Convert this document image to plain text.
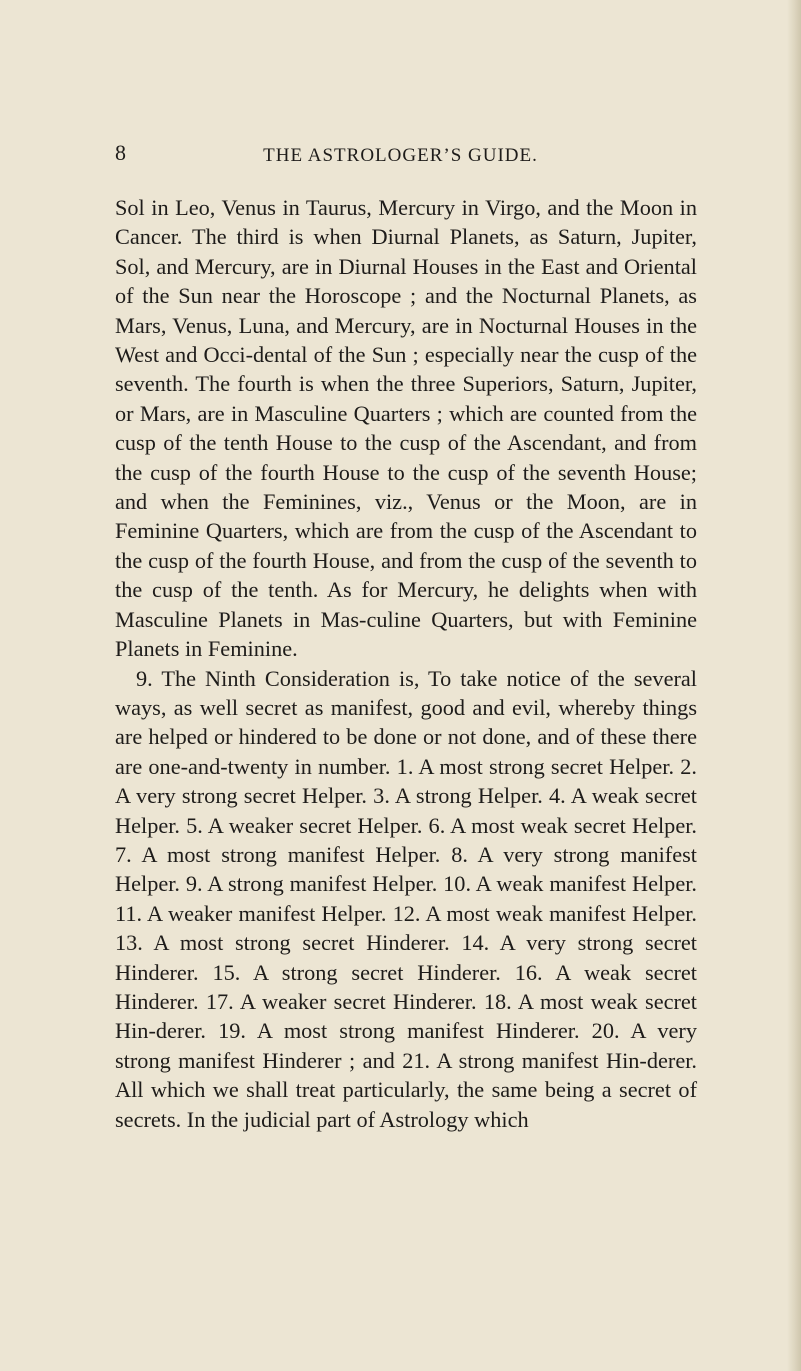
8	THE ASTROLOGER’S GUIDE.

Sol in Leo, Venus in Taurus, Mercury in Virgo, and the Moon in Cancer. The third is when Diurnal Planets, as Saturn, Jupiter, Sol, and Mercury, are in Diurnal Houses in the East and Oriental of the Sun near the Horoscope ; and the Nocturnal Planets, as Mars, Venus, Luna, and Mercury, are in Nocturnal Houses in the West and Occi-dental of the Sun ; especially near the cusp of the seventh. The fourth is when the three Superiors, Saturn, Jupiter, or Mars, are in Masculine Quarters ; which are counted from the cusp of the tenth House to the cusp of the Ascendant, and from the cusp of the fourth House to the cusp of the seventh House; and when the Feminines, viz., Venus or the Moon, are in Feminine Quarters, which are from the cusp of the Ascendant to the cusp of the fourth House, and from the cusp of the seventh to the cusp of the tenth. As for Mercury, he delights when with Masculine Planets in Mas-culine Quarters, but with Feminine Planets in Feminine.

9. The Ninth Consideration is, To take notice of the several ways, as well secret as manifest, good and evil, whereby things are helped or hindered to be done or not done, and of these there are one-and-twenty in number. 1. A most strong secret Helper. 2. A very strong secret Helper. 3. A strong Helper. 4. A weak secret Helper. 5. A weaker secret Helper. 6. A most weak secret Helper. 7. A most strong manifest Helper. 8. A very strong manifest Helper. 9. A strong manifest Helper. 10. A weak manifest Helper. 11. A weaker manifest Helper. 12. A most weak manifest Helper. 13. A most strong secret Hinderer. 14. A very strong secret Hinderer. 15. A strong secret Hinderer. 16. A weak secret Hinderer. 17. A weaker secret Hinderer. 18. A most weak secret Hin-derer. 19. A most strong manifest Hinderer. 20. A very strong manifest Hinderer ; and 21. A strong manifest Hin-derer. All which we shall treat particularly, the same being a secret of secrets. In the judicial part of Astrology which
